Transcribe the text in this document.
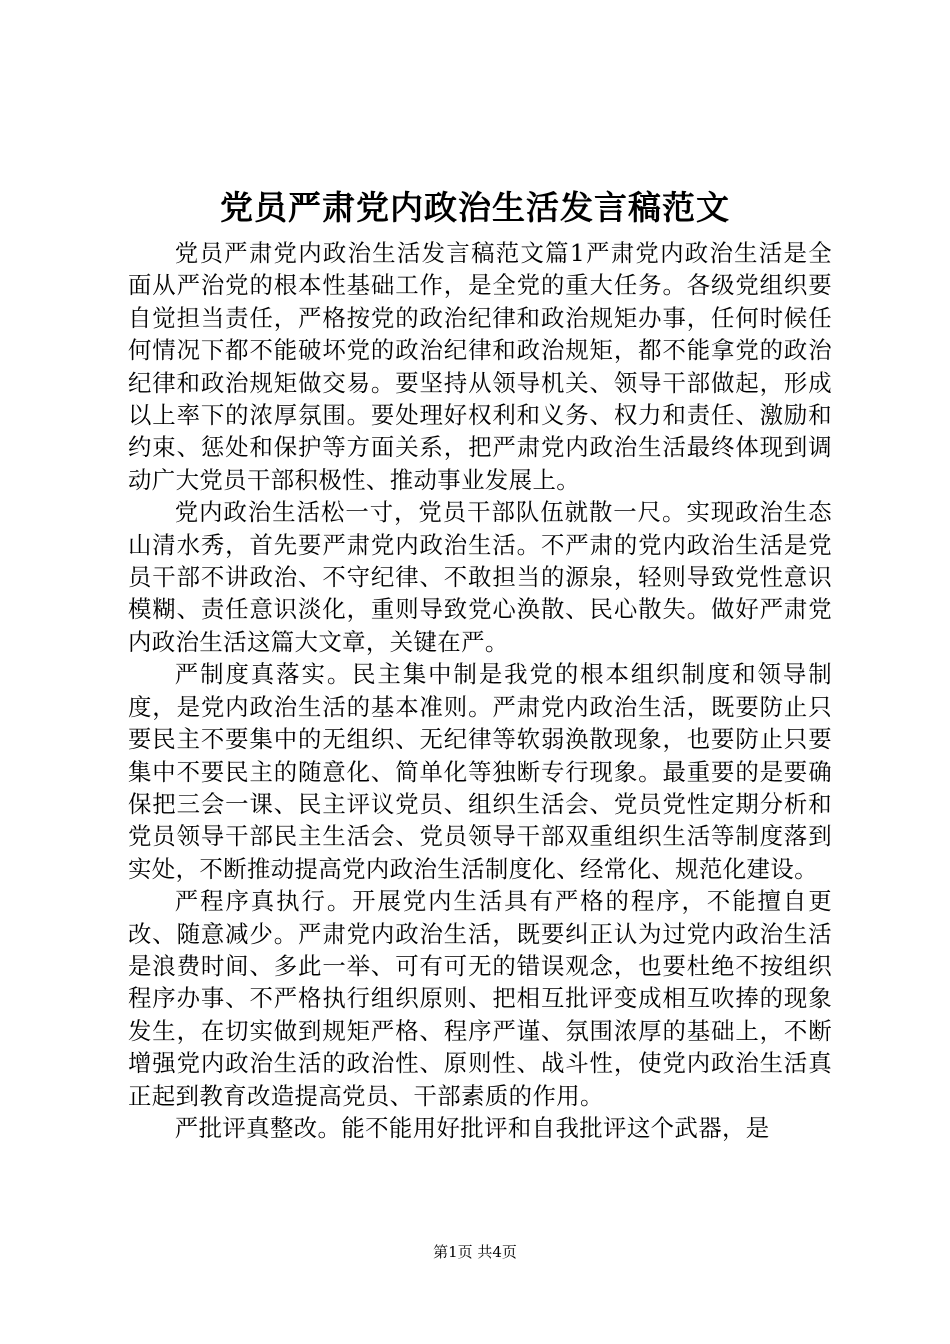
党员严肃党内政治生活发言稿范文

党员严肃党内政治生活发言稿范文篇1严肃党内政治生活是全面从严治党的根本性基础工作，是全党的重大任务。各级党组织要自觉担当责任，严格按党的政治纪律和政治规矩办事，任何时候任何情况下都不能破坏党的政治纪律和政治规矩，都不能拿党的政治纪律和政治规矩做交易。要坚持从领导机关、领导干部做起，形成以上率下的浓厚氛围。要处理好权利和义务、权力和责任、激励和约束、惩处和保护等方面关系，把严肃党内政治生活最终体现到调动广大党员干部积极性、推动事业发展上。

党内政治生活松一寸，党员干部队伍就散一尺。实现政治生态山清水秀，首先要严肃党内政治生活。不严肃的党内政治生活是党员干部不讲政治、不守纪律、不敢担当的源泉，轻则导致党性意识模糊、责任意识淡化，重则导致党心涣散、民心散失。做好严肃党内政治生活这篇大文章，关键在严。

严制度真落实。民主集中制是我党的根本组织制度和领导制度，是党内政治生活的基本准则。严肃党内政治生活，既要防止只要民主不要集中的无组织、无纪律等软弱涣散现象，也要防止只要集中不要民主的随意化、简单化等独断专行现象。最重要的是要确保把三会一课、民主评议党员、组织生活会、党员党性定期分析和党员领导干部民主生活会、党员领导干部双重组织生活等制度落到实处，不断推动提高党内政治生活制度化、经常化、规范化建设。

严程序真执行。开展党内生活具有严格的程序，不能擅自更改、随意减少。严肃党内政治生活，既要纠正认为过党内政治生活是浪费时间、多此一举、可有可无的错误观念，也要杜绝不按组织程序办事、不严格执行组织原则、把相互批评变成相互吹捧的现象发生，在切实做到规矩严格、程序严谨、氛围浓厚的基础上，不断增强党内政治生活的政治性、原则性、战斗性，使党内政治生活真正起到教育改造提高党员、干部素质的作用。

严批评真整改。能不能用好批评和自我批评这个武器，是

第1页 共4页
